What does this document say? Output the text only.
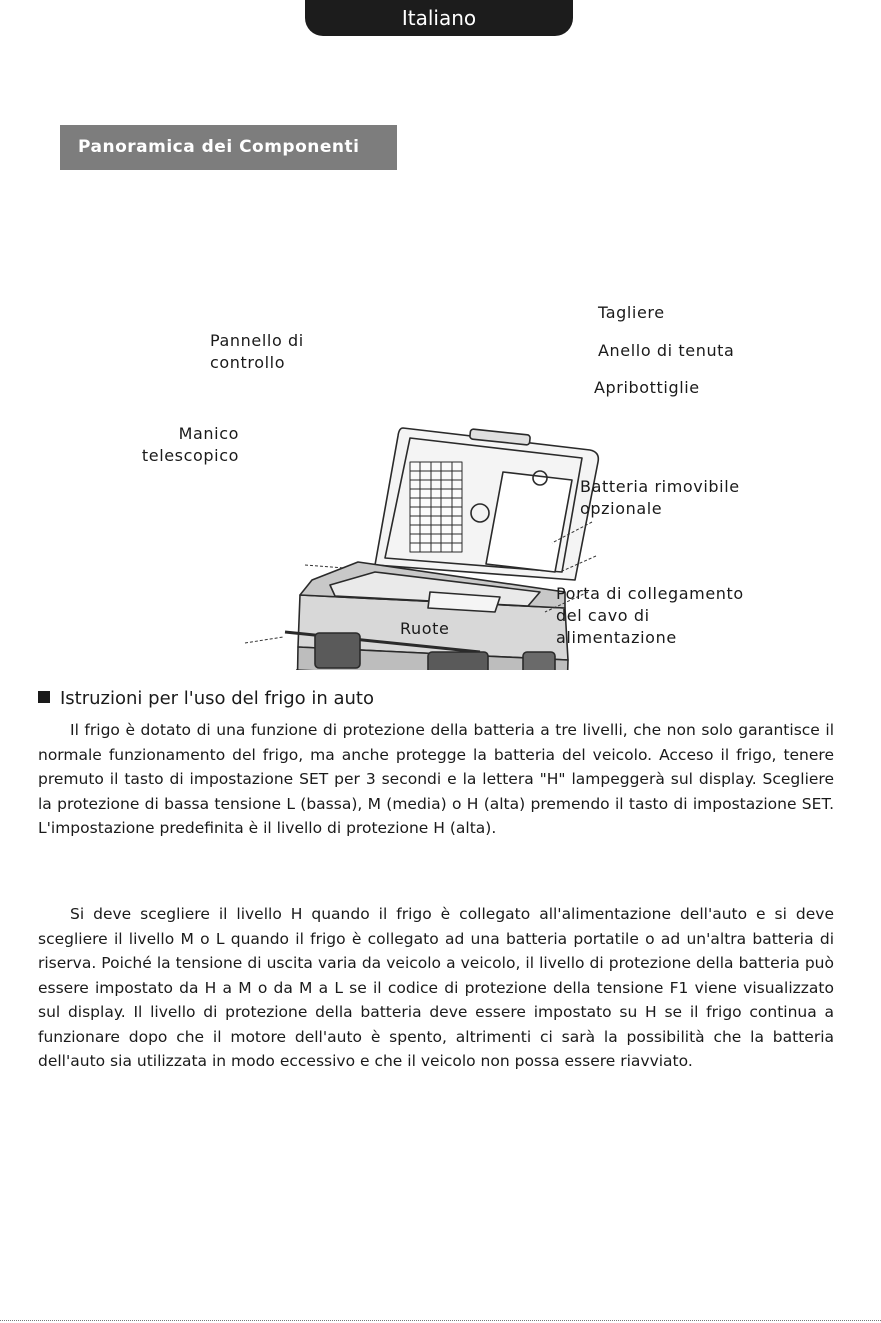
Italiano
Panoramica dei Componenti
Pannello di
controllo
Manico
telescopico
Tagliere
Anello di tenuta
Apribottiglie
Batteria rimovibile
opzionale
Porta di collegamento
del cavo di
alimentazione
Ruote
Istruzioni per l'uso del frigo in auto

Il frigo è dotato di una funzione di protezione della batteria a tre livelli, che non solo garantisce il normale funzionamento del frigo, ma anche protegge la batteria del veicolo. Acceso il frigo, tenere premuto il tasto di impostazione SET per 3 secondi e la lettera "H" lampeggerà sul display. Scegliere la protezione di bassa tensione L (bassa), M (media) o H (alta) premendo il tasto di impostazione SET. L'impostazione predefinita è il livello di protezione H (alta).

Si deve scegliere il livello H quando il frigo è collegato all'alimentazione dell'auto e si deve scegliere il livello M o L quando il frigo è collegato ad una batteria portatile o ad un'altra batteria di riserva. Poiché la tensione di uscita varia da veicolo a veicolo, il livello di protezione della batteria può essere impostato da H a M o da M a L se il codice di protezione della tensione F1 viene visualizzato sul display. Il livello di protezione della batteria deve essere impostato su H se il frigo continua a funzionare dopo che il motore dell'auto è spento, altrimenti ci sarà la possibilità che la batteria dell'auto sia utilizzata in modo eccessivo e che il veicolo non possa essere riavviato.
